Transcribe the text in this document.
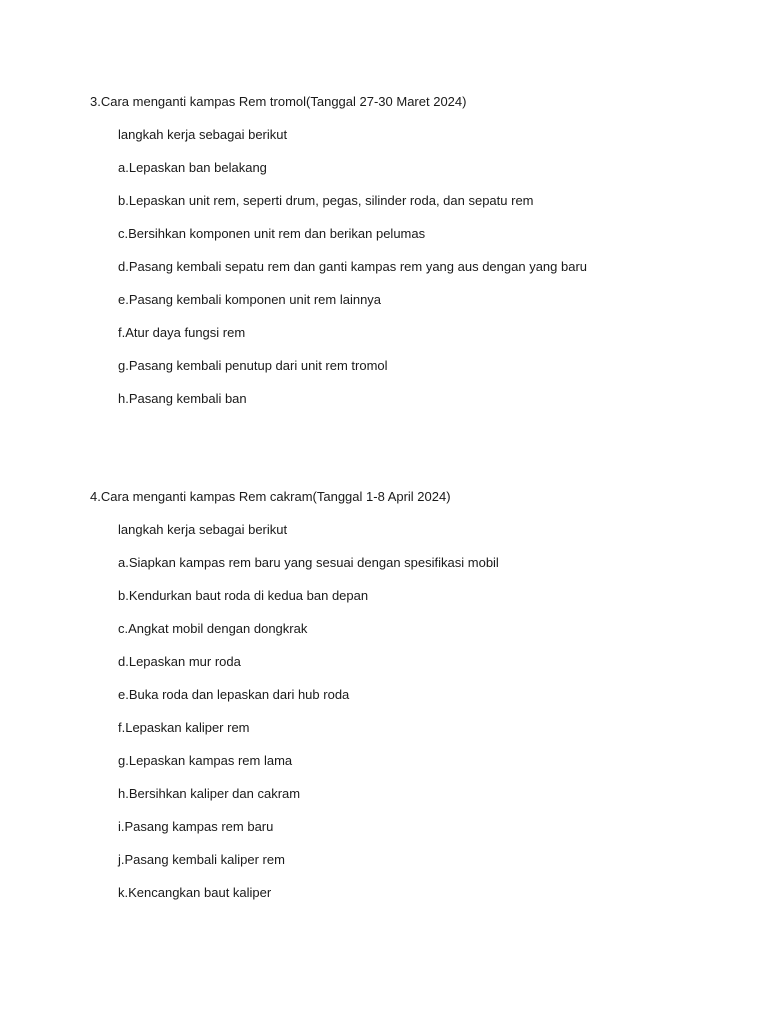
3.Cara menganti kampas Rem tromol(Tanggal 27-30 Maret 2024)
langkah kerja sebagai berikut
a.Lepaskan ban belakang
b.Lepaskan unit rem, seperti drum, pegas, silinder roda, dan sepatu rem
c.Bersihkan komponen unit rem dan berikan pelumas
d.Pasang kembali sepatu rem dan ganti kampas rem yang aus dengan yang baru
e.Pasang kembali komponen unit rem lainnya
f.Atur daya fungsi rem
g.Pasang kembali penutup dari unit rem tromol
h.Pasang kembali ban
4.Cara menganti kampas Rem cakram(Tanggal 1-8 April 2024)
langkah kerja sebagai berikut
a.Siapkan kampas rem baru yang sesuai dengan spesifikasi mobil
b.Kendurkan baut roda di kedua ban depan
c.Angkat mobil dengan dongkrak
d.Lepaskan mur roda
e.Buka roda dan lepaskan dari hub roda
f.Lepaskan kaliper rem
g.Lepaskan kampas rem lama
h.Bersihkan kaliper dan cakram
i.Pasang kampas rem baru
j.Pasang kembali kaliper rem
k.Kencangkan baut kaliper
